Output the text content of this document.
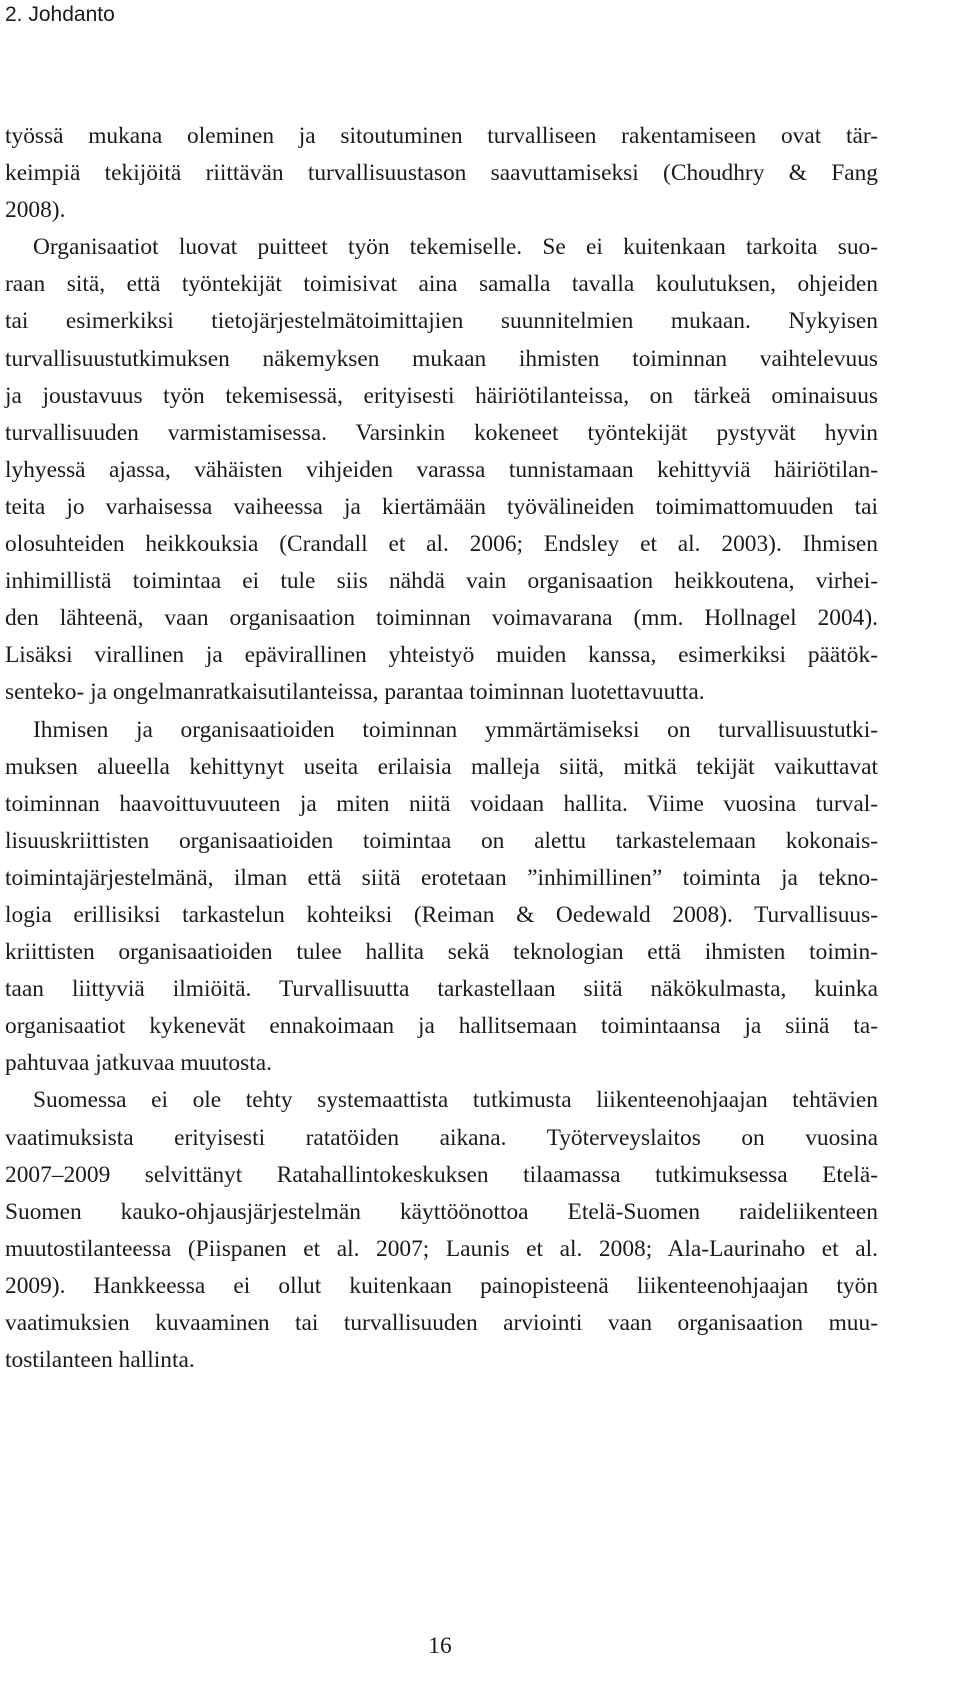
2. Johdanto
työssä mukana oleminen ja sitoutuminen turvalliseen rakentamiseen ovat tär-
keimpiä tekijöitä riittävän turvallisuustason saavuttamiseksi (Choudhry & Fang
2008).
Organisaatiot luovat puitteet työn tekemiselle. Se ei kuitenkaan tarkoita suo-
raan sitä, että työntekijät toimisivat aina samalla tavalla koulutuksen, ohjeiden
tai esimerkiksi tietojärjestelmätoimittajien suunnitelmien mukaan. Nykyisen
turvallisuustutkimuksen näkemyksen mukaan ihmisten toiminnan vaihtelevuus
ja joustavuus työn tekemisessä, erityisesti häiriötilanteissa, on tärkeä ominaisuus
turvallisuuden varmistamisessa. Varsinkin kokeneet työntekijät pystyvät hyvin
lyhyessä ajassa, vähäisten vihjeiden varassa tunnistamaan kehittyviä häiriötilan-
teita jo varhaisessa vaiheessa ja kiertämään työvälineiden toimimattomuuden tai
olosuhteiden heikkouksia (Crandall et al. 2006; Endsley et al. 2003). Ihmisen
inhimillistä toimintaa ei tule siis nähdä vain organisaation heikkoutena, virhei-
den lähteenä, vaan organisaation toiminnan voimavarana (mm. Hollnagel 2004).
Lisäksi virallinen ja epävirallinen yhteistyö muiden kanssa, esimerkiksi päätök-
senteko- ja ongelmanratkaisutilanteissa, parantaa toiminnan luotettavuutta.
Ihmisen ja organisaatioiden toiminnan ymmärtämiseksi on turvallisuustutki-
muksen alueella kehittynyt useita erilaisia malleja siitä, mitkä tekijät vaikuttavat
toiminnan haavoittuvuuteen ja miten niitä voidaan hallita. Viime vuosina turval-
lisuuskriittisten organisaatioiden toimintaa on alettu tarkastelemaan kokonais-
toimintajärjestelmänä, ilman että siitä erotetaan ”inhimillinen” toiminta ja tekno-
logia erillisiksi tarkastelun kohteiksi (Reiman & Oedewald 2008). Turvallisuus-
kriittisten organisaatioiden tulee hallita sekä teknologian että ihmisten toimin-
taan liittyviä ilmiöitä. Turvallisuutta tarkastellaan siitä näkökulmasta, kuinka
organisaatiot kykenevät ennakoimaan ja hallitsemaan toimintaansa ja siinä ta-
pahtuvaa jatkuvaa muutosta.
Suomessa ei ole tehty systemaattista tutkimusta liikenteenohjaajan tehtävien
vaatimuksista erityisesti ratatöiden aikana. Työterveyslaitos on vuosina
2007–2009 selvittänyt Ratahallintokeskuksen tilaamassa tutkimuksessa Etelä-
Suomen kauko-ohjausjärjestelmän käyttöönottoa Etelä-Suomen raideliikenteen
muutostilanteessa (Piispanen et al. 2007; Launis et al. 2008; Ala-Laurinaho et al.
2009). Hankkeessa ei ollut kuitenkaan painopisteenä liikenteenohjaajan työn
vaatimuksien kuvaaminen tai turvallisuuden arviointi vaan organisaation muu-
tostilanteen hallinta.
16
